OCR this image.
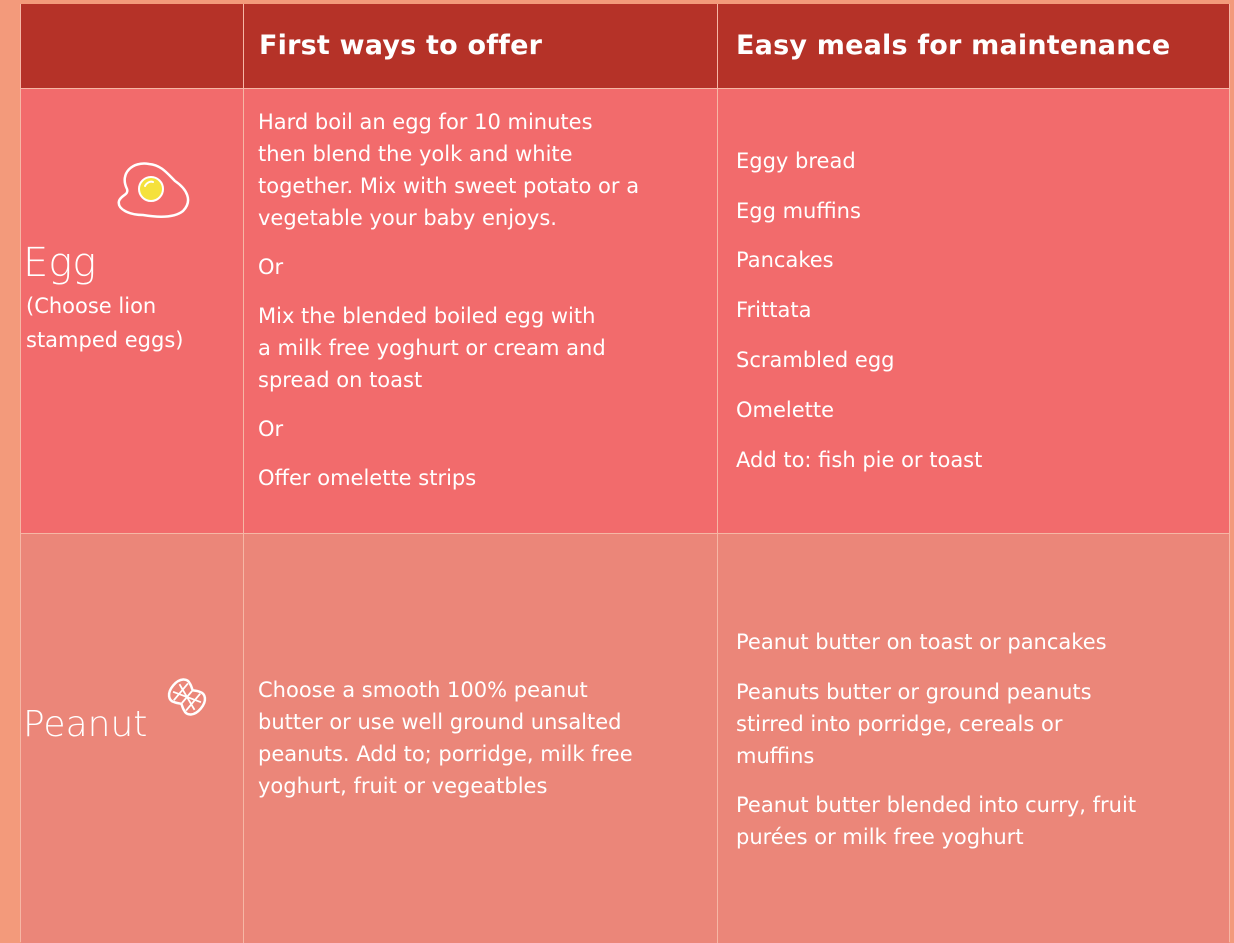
First ways to offer	Easy meals for maintenance
Egg
(Choose lion
stamped eggs)
Hard boil an egg for 10 minutes
then blend the yolk and white
together. Mix with sweet potato or a
vegetable your baby enjoys.
Or
Mix the blended boiled egg with
a milk free yoghurt or cream and
spread on toast
Or
Offer omelette strips
Eggy bread
Egg muffins
Pancakes
Frittata
Scrambled egg
Omelette
Add to: fish pie or toast
Peanut
Choose a smooth 100% peanut
butter or use well ground unsalted
peanuts. Add to; porridge, milk free
yoghurt, fruit or vegeatbles
Peanut butter on toast or pancakes
Peanuts butter or ground peanuts
stirred into porridge, cereals or
muffins
Peanut butter blended into curry, fruit
purées or milk free yoghurt
